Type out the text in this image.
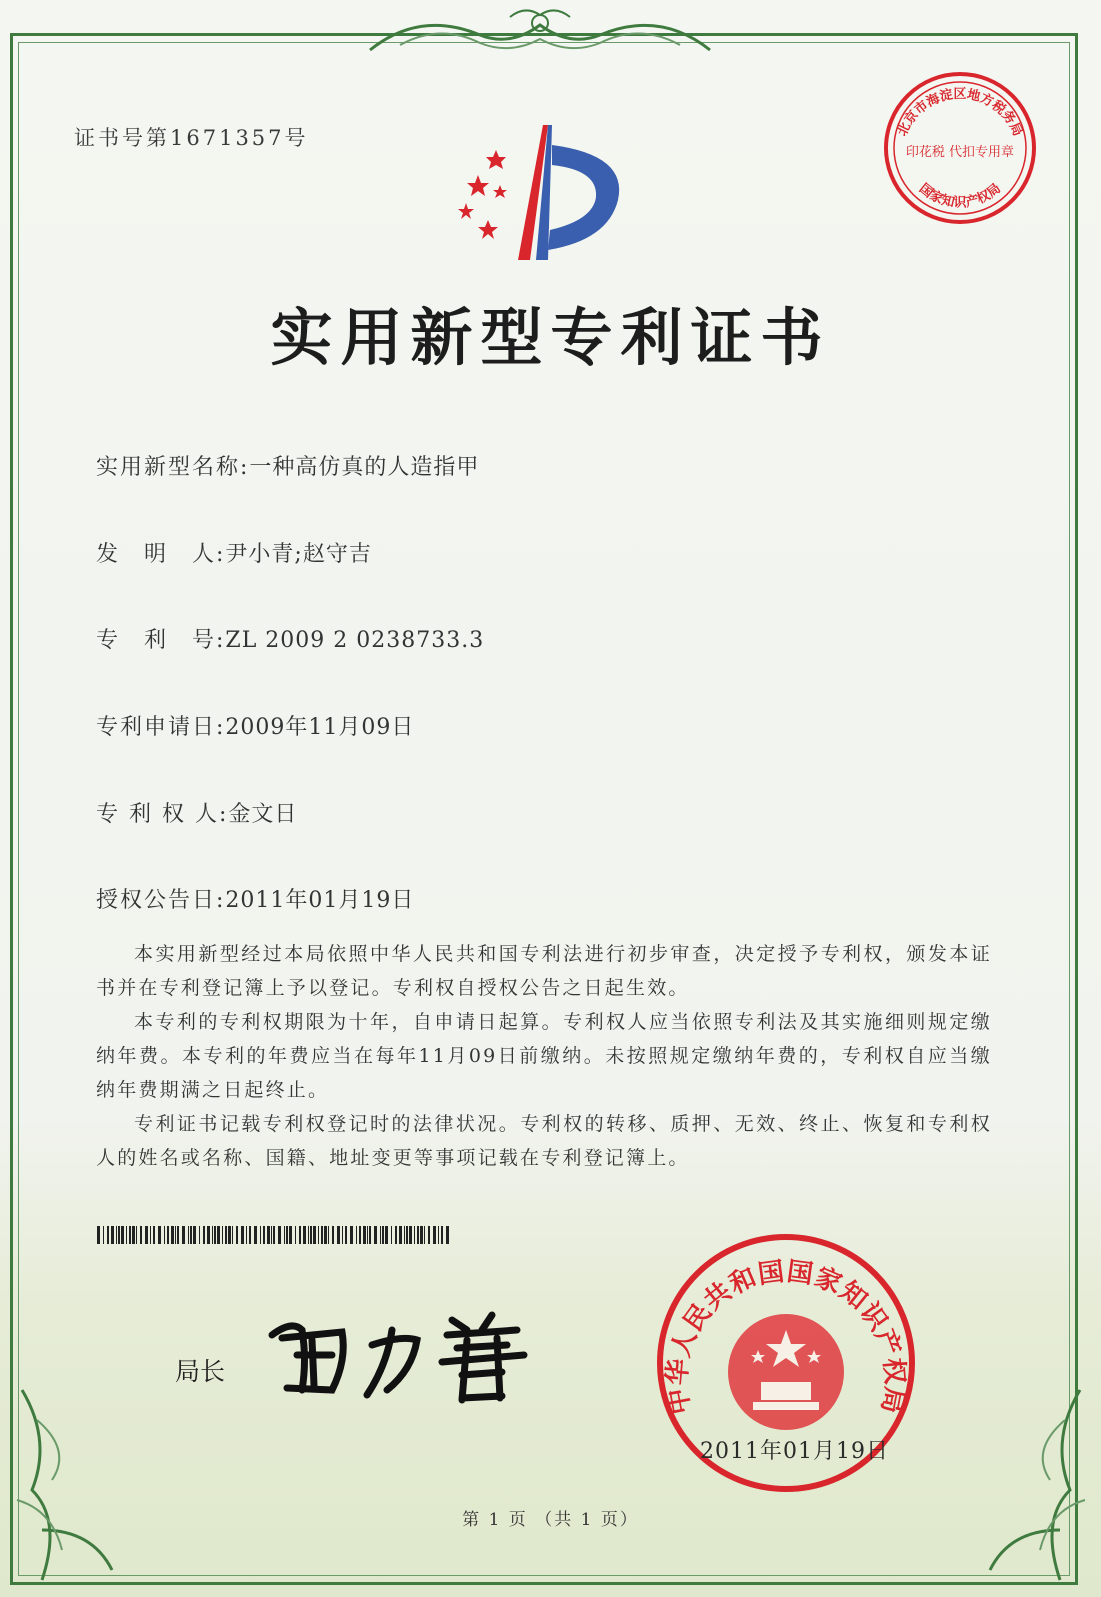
证书号第1671357号
实用新型专利证书
实用新型名称:一种高仿真的人造指甲
发　明　人:尹小青;赵守吉
专　利　号:ZL 2009 2 0238733.3
专利申请日:2009年11月09日
专 利 权 人:金文日
授权公告日:2011年01月19日

本实用新型经过本局依照中华人民共和国专利法进行初步审查，决定授予专利权，颁发本证书并在专利登记簿上予以登记。专利权自授权公告之日起生效。

本专利的专利权期限为十年，自申请日起算。专利权人应当依照专利法及其实施细则规定缴纳年费。本专利的年费应当在每年11月09日前缴纳。未按照规定缴纳年费的，专利权自应当缴纳年费期满之日起终止。

专利证书记载专利权登记时的法律状况。专利权的转移、质押、无效、终止、恢复和专利权人的姓名或名称、国籍、地址变更等事项记载在专利登记簿上。

局长
北京市海淀区地方税务局
国家知识产权局
印花税 代扣专用章
中华人民共和国国家知识产权局
2011年01月19日
第 1 页 （共 1 页）
